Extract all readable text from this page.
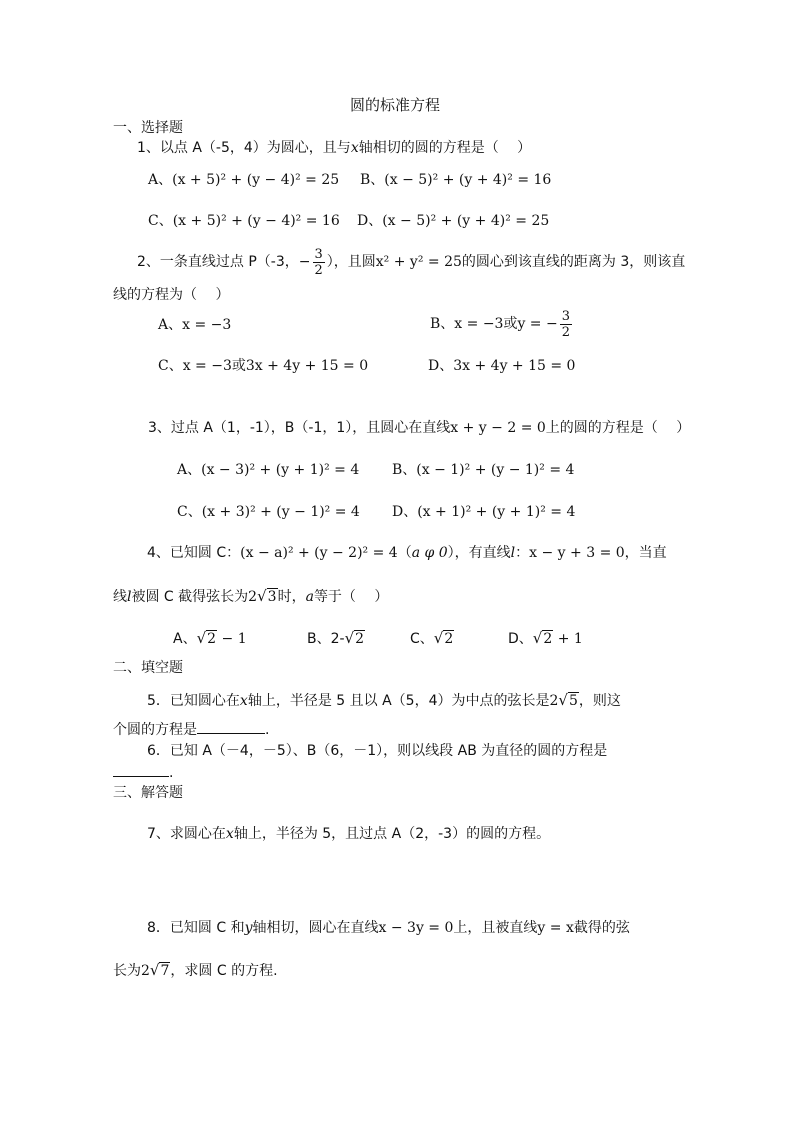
圆的标准方程
一、选择题
1、以点 A（-5，4）为圆心，且与x轴相切的圆的方程是（　 ）
A、(x + 5)² + (y − 4)² = 25 B、(x − 5)² + (y + 4)² = 16
C、(x + 5)² + (y − 4)² = 16 D、(x − 5)² + (y + 4)² = 25
2、一条直线过点 P（-3，− $\frac{3}{2}$ ），且圆x² + y² = 25的圆心到该直线的距离为 3，则该直
线的方程为（　 ）
A、x = −3	B、x = −3或y = − $\frac{3}{2}$
C、x = −3或3x + 4y + 15 = 0	D、3x + 4y + 15 = 0
3、过点 A（1，-1），B（-1，1），且圆心在直线x + y − 2 = 0上的圆的方程是（　 ）
A、(x − 3)² + (y + 1)² = 4 B、(x − 1)² + (y − 1)² = 4
C、(x + 3)² + (y − 1)² = 4 D、(x + 1)² + (y + 1)² = 4
4、已知圆 C：(x − a)² + (y − 2)² = 4（a φ 0），有直线l：x − y + 3 = 0，当直
线l被圆 C 截得弦长为2√3时，a等于（　 ）
A、√2 − 1	B、2-√2	C、√2	D、√2 + 1
二、填空题
5．已知圆心在x轴上，半径是 5 且以 A（5，4）为中点的弦长是2√5，则这
个圆的方程是	.
6．已知 A（－4，－5）、B（6，－1），则以线段 AB 为直径的圆的方程是
.
三、解答题
7、求圆心在x轴上，半径为 5，且过点 A（2，-3）的圆的方程。
8．已知圆 C 和y轴相切，圆心在直线x − 3y = 0上，且被直线y = x截得的弦
长为2√7，求圆 C 的方程.
